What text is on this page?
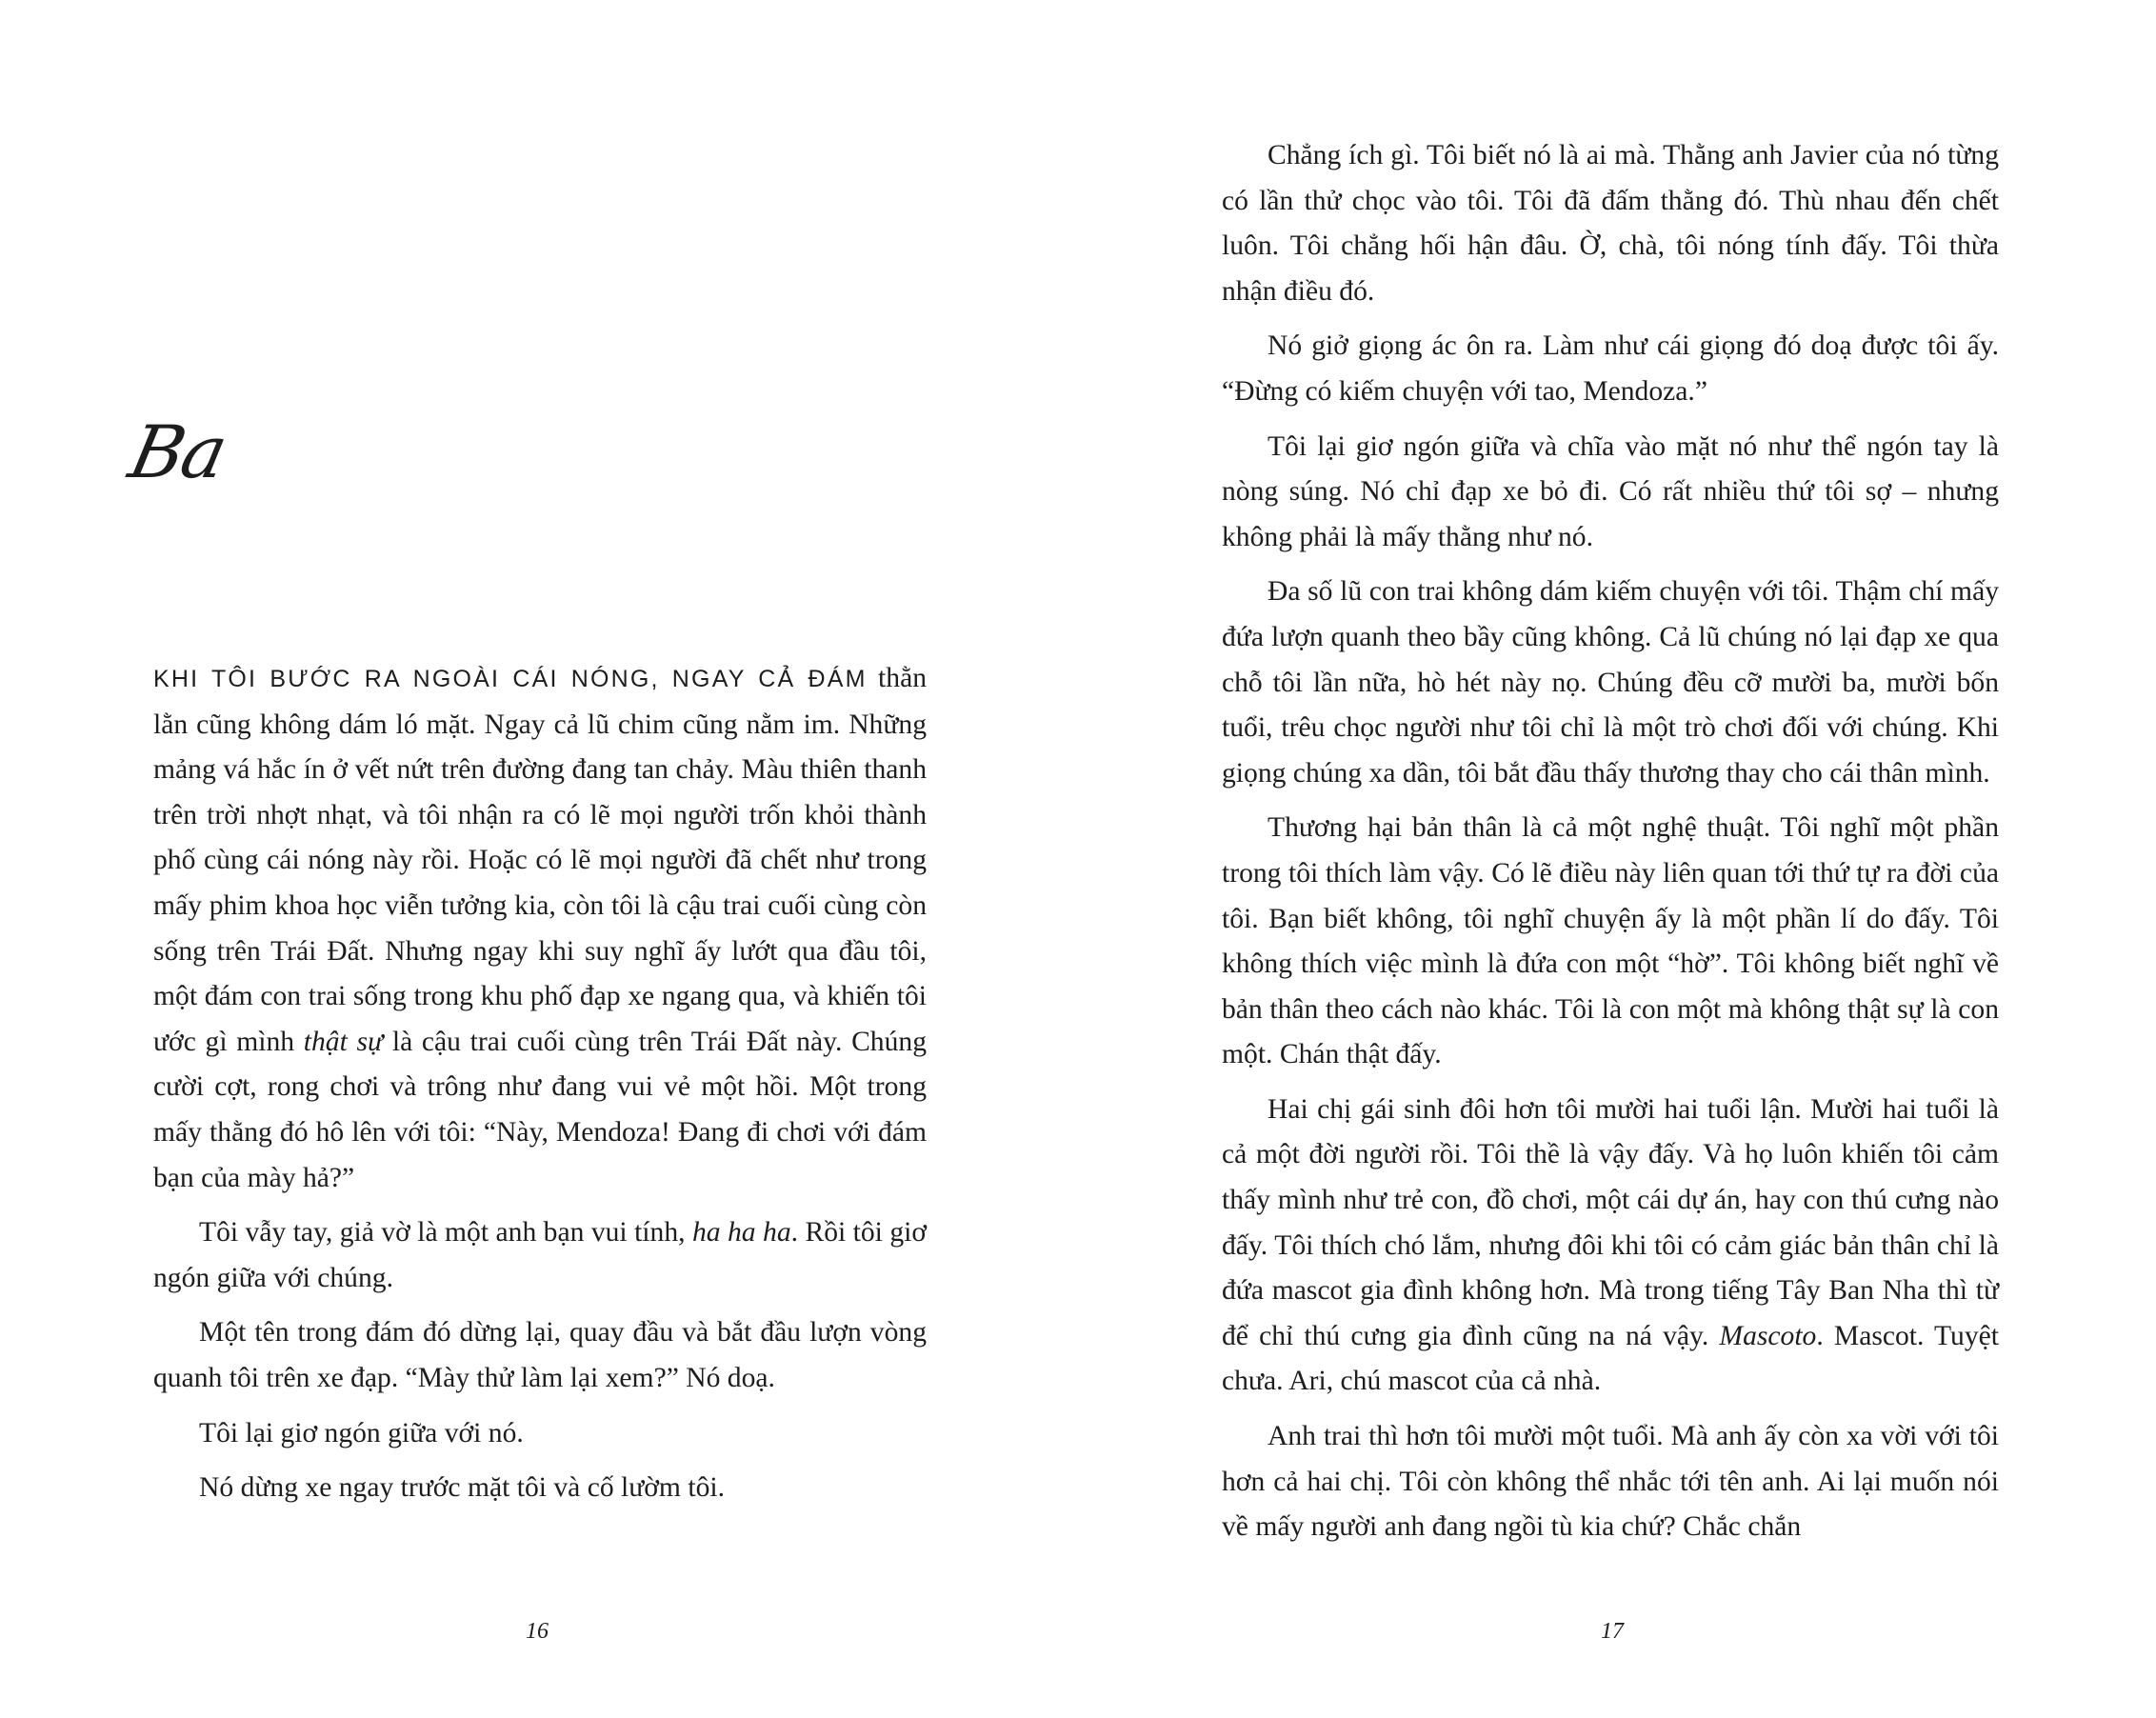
Ba

KHI TÔI BƯỚC RA NGOÀI CÁI NÓNG, NGAY CẢ ĐÁM thằn lằn cũng không dám ló mặt. Ngay cả lũ chim cũng nằm im. Những mảng vá hắc ín ở vết nứt trên đường đang tan chảy. Màu thiên thanh trên trời nhợt nhạt, và tôi nhận ra có lẽ mọi người trốn khỏi thành phố cùng cái nóng này rồi. Hoặc có lẽ mọi người đã chết như trong mấy phim khoa học viễn tưởng kia, còn tôi là cậu trai cuối cùng còn sống trên Trái Đất. Nhưng ngay khi suy nghĩ ấy lướt qua đầu tôi, một đám con trai sống trong khu phố đạp xe ngang qua, và khiến tôi ước gì mình thật sự là cậu trai cuối cùng trên Trái Đất này. Chúng cười cợt, rong chơi và trông như đang vui vẻ một hồi. Một trong mấy thằng đó hô lên với tôi: “Này, Mendoza! Đang đi chơi với đám bạn của mày hả?”

Tôi vẫy tay, giả vờ là một anh bạn vui tính, ha ha ha. Rồi tôi giơ ngón giữa với chúng.

Một tên trong đám đó dừng lại, quay đầu và bắt đầu lượn vòng quanh tôi trên xe đạp. “Mày thử làm lại xem?” Nó doạ.

Tôi lại giơ ngón giữa với nó.

Nó dừng xe ngay trước mặt tôi và cố lườm tôi.

16

Chẳng ích gì. Tôi biết nó là ai mà. Thằng anh Javier của nó từng có lần thử chọc vào tôi. Tôi đã đấm thằng đó. Thù nhau đến chết luôn. Tôi chẳng hối hận đâu. Ờ, chà, tôi nóng tính đấy. Tôi thừa nhận điều đó.

Nó giở giọng ác ôn ra. Làm như cái giọng đó doạ được tôi ấy. “Đừng có kiếm chuyện với tao, Mendoza.”

Tôi lại giơ ngón giữa và chĩa vào mặt nó như thể ngón tay là nòng súng. Nó chỉ đạp xe bỏ đi. Có rất nhiều thứ tôi sợ – nhưng không phải là mấy thằng như nó.

Đa số lũ con trai không dám kiếm chuyện với tôi. Thậm chí mấy đứa lượn quanh theo bầy cũng không. Cả lũ chúng nó lại đạp xe qua chỗ tôi lần nữa, hò hét này nọ. Chúng đều cỡ mười ba, mười bốn tuổi, trêu chọc người như tôi chỉ là một trò chơi đối với chúng. Khi giọng chúng xa dần, tôi bắt đầu thấy thương thay cho cái thân mình.

Thương hại bản thân là cả một nghệ thuật. Tôi nghĩ một phần trong tôi thích làm vậy. Có lẽ điều này liên quan tới thứ tự ra đời của tôi. Bạn biết không, tôi nghĩ chuyện ấy là một phần lí do đấy. Tôi không thích việc mình là đứa con một “hờ”. Tôi không biết nghĩ về bản thân theo cách nào khác. Tôi là con một mà không thật sự là con một. Chán thật đấy.

Hai chị gái sinh đôi hơn tôi mười hai tuổi lận. Mười hai tuổi là cả một đời người rồi. Tôi thề là vậy đấy. Và họ luôn khiến tôi cảm thấy mình như trẻ con, đồ chơi, một cái dự án, hay con thú cưng nào đấy. Tôi thích chó lắm, nhưng đôi khi tôi có cảm giác bản thân chỉ là đứa mascot gia đình không hơn. Mà trong tiếng Tây Ban Nha thì từ để chỉ thú cưng gia đình cũng na ná vậy. Mascoto. Mascot. Tuyệt chưa. Ari, chú mascot của cả nhà.

Anh trai thì hơn tôi mười một tuổi. Mà anh ấy còn xa vời với tôi hơn cả hai chị. Tôi còn không thể nhắc tới tên anh. Ai lại muốn nói về mấy người anh đang ngồi tù kia chứ? Chắc chắn

17
